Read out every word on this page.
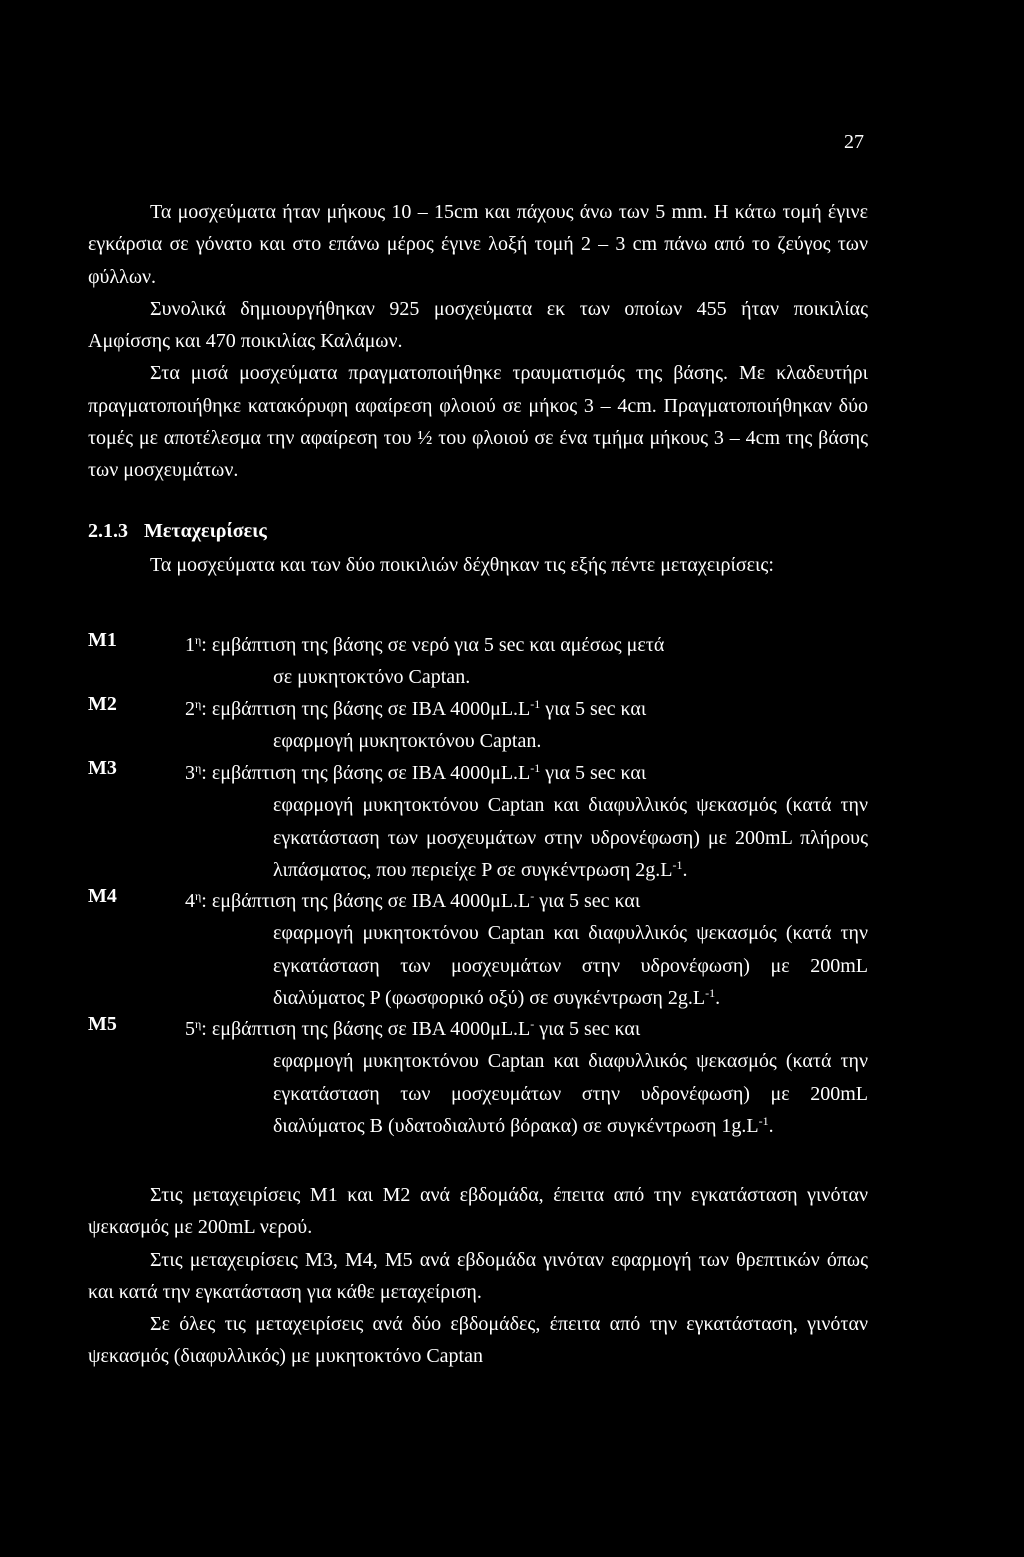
27

Τα μοσχεύματα ήταν μήκους 10 – 15cm και πάχους άνω των 5 mm. Η κάτω τομή έγινε εγκάρσια σε γόνατο και στο επάνω μέρος έγινε λοξή τομή 2 – 3 cm πάνω από το ζεύγος των φύλλων.

Συνολικά δημιουργήθηκαν 925 μοσχεύματα εκ των οποίων 455 ήταν ποικιλίας Αμφίσσης και 470 ποικιλίας Καλάμων.

Στα μισά μοσχεύματα πραγματοποιήθηκε τραυματισμός της βάσης. Με κλαδευτήρι πραγματοποιήθηκε κατακόρυφη αφαίρεση φλοιού σε μήκος 3 – 4cm. Πραγματοποιήθηκαν δύο τομές με αποτέλεσμα την αφαίρεση του ½ του φλοιού σε ένα τμήμα μήκους 3 – 4cm της βάσης των μοσχευμάτων.

2.1.3 Μεταχειρίσεις

Τα μοσχεύματα και των δύο ποικιλιών δέχθηκαν τις εξής πέντε μεταχειρίσεις:

M1	$1^\eta$: εμβάπτιση της βάσης σε νερό για 5 sec και αμέσως μετά

σε μυκητοκτόνο Captan.

M2	$2^\eta$: εμβάπτιση της βάσης σε IBA $4000\mu L.L^{-1}$ για 5 sec και

εφαρμογή μυκητοκτόνου Captan.

M3	$3^\eta$: εμβάπτιση της βάσης σε IBA $4000\mu L.L^{-1}$ για 5 sec και

εφαρμογή μυκητοκτόνου Captan και διαφυλλικός ψεκασμός (κατά την εγκατάσταση των μοσχευμάτων στην υδρονέφωση) με 200mL πλήρους λιπάσματος, που περιείχε P σε συγκέντρωση $2g.L^{-1}$.

M4	$4^\eta$: εμβάπτιση της βάσης σε IBA 4000μL.L- για 5 sec και

εφαρμογή μυκητοκτόνου Captan και διαφυλλικός ψεκασμός (κατά την εγκατάσταση των μοσχευμάτων στην υδρονέφωση) με 200mL διαλύματος P (φωσφορικό οξύ) σε συγκέντρωση $2g.L^{-1}$.

M5	$5^\eta$: εμβάπτιση της βάσης σε IBA 4000μL.L- για 5 sec και

εφαρμογή μυκητοκτόνου Captan και διαφυλλικός ψεκασμός (κατά την εγκατάσταση των μοσχευμάτων στην υδρονέφωση) με 200mL διαλύματος B (υδατοδιαλυτό βόρακα) σε συγκέντρωση $1g.L^{-1}$.

Στις μεταχειρίσεις M1 και M2 ανά εβδομάδα, έπειτα από την εγκατάσταση γινόταν ψεκασμός με 200mL νερού.

Στις μεταχειρίσεις M3, M4, M5 ανά εβδομάδα γινόταν εφαρμογή των θρεπτικών όπως και κατά την εγκατάσταση για κάθε μεταχείριση.

Σε όλες τις μεταχειρίσεις ανά δύο εβδομάδες, έπειτα από την εγκατάσταση, γινόταν ψεκασμός (διαφυλλικός) με μυκητοκτόνο Captan
